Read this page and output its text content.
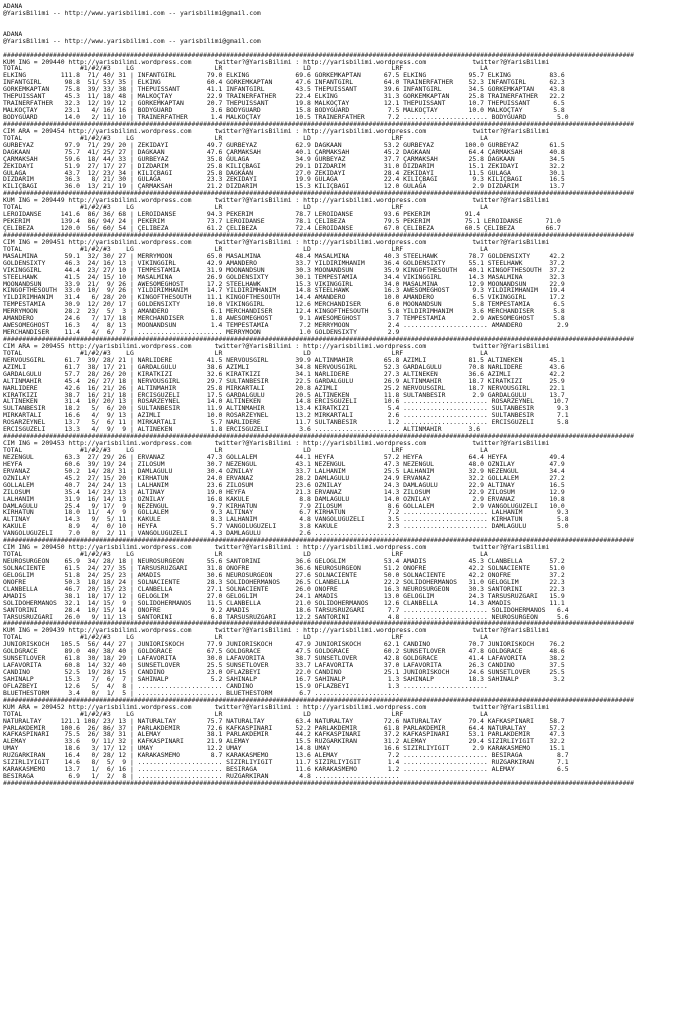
ADANA
@YarisBilimi -- http://www.yarisbilimi.com -- yarisbilimi@gmail.com
ADANA
@YarisBilimi -- http://www.yarisbilimi.com -- yarisbilimi@gmail.com
####################################################################################################################################################################
KUM ING = 209440 http://yarisbilimi.wordpress.com      twitter?@YarisBilimi : http://yarisbilimi.wordpress.com            twitter?@YarisBilimi
TOTAL               #1/#2/#3    LG                     LR                     LD                     LRF                    LA
ELKING         111.8  71/ 40/ 31 | INFANTGIRL        79.0 ELKING            69.6 GÖRKEMKAPTAN      67.5 ELKING           95.7 ELKING          83.6
INFANTGIRL      98.8  51/ 53/ 35 | ELKING            60.4 GÖRKEMKAPTAN      47.6 INFANTGIRL        64.0 TRAINERFATHER    52.3 INFANTGIRL      62.3
GÖRKEMKAPTAN    75.8  39/ 33/ 38 | THEPUISSANT       41.1 INFANTGIRL        43.5 THEPUISSANT       39.6 INFANTGIRL       34.5 GÖRKEMKAPTAN    43.8
THEPUISSANT     45.3  11/ 18/ 48 | MALKOÇTAY         22.9 TRAINERFATHER     22.4 ELKING            31.3 GÖRKEMKAPTAN     25.8 TRAINERFATHER   22.2
TRAINERFATHER   32.3  12/ 19/ 12 | GÖRKEMKAPTAN      20.7 THEPUISSANT       19.8 MALKOÇTAY         12.1 THEPUISSANT      10.7 THEPUISSANT      6.5
MALKOÇTAY       23.1   4/ 16/ 16 | BODYGUARD          3.6 BODYGUARD         15.8 BODYGUARD          7.5 MALKOÇTAY        10.0 MALKOÇTAY        5.8
BODYGUARD       14.0   2/ 11/ 10 | TRAINERFATHER      1.4 MALKOÇTAY         10.5 TRAINERFATHER      7.2 ...................... BODYGUARD        5.0
####################################################################################################################################################################
CIM ARA = 209454 http://yarisbilimi.wordpress.com      twitter?@YarisBilimi : http://yarisbilimi.wordpress.com            twitter?@YarisBilimi
TOTAL               #1/#2/#3    LG                     LR                     LD                     LRF                    LA
GÜRBEYAZ        97.9  71/ 29/ 20 | ZEKIDAYI          49.7 GÜRBEYAZ          62.9 DAGKAAN           53.2 GÜRBEYAZ        100.0 GÜRBEYAZ        61.5
DAGKAAN         75.7  41/ 25/ 27 | DAGKAAN           47.6 ÇARMAKSAH         40.1 ÇARMAKSAH         45.2 DAGKAAN          64.4 ÇARMAKSAH       40.8
ÇARMAKSAH       59.6  18/ 44/ 33 | GÜRBEYAZ          35.8 GÜLAGA            34.9 GÜRBEYAZ          37.7 ÇARMAKSAH        25.8 DAGKAAN         34.5
ZEKIDAYI        51.9  27/ 17/ 27 | DIZDARIM          25.8 KILIÇBAGI         29.1 DIZDARIM          31.0 DIZDARIM         15.1 ZEKIDAYI        32.2
GÜLAGA          43.7  12/ 23/ 34 | KILIÇBAGI         25.8 DAGKAAN           27.0 ZEKIDAYI          28.4 ZEKIDAYI         11.5 GÜLAGA          30.1
DIZDARIM        36.3   8/ 21/ 30 | GÜLAGA            23.3 ZEKIDAYI          19.9 GÜLAGA            22.4 KILIÇBAGI         9.3 KILIÇBAGI       16.5
KILIÇBAGI       36.0  13/ 21/ 19 | ÇARMAKSAH         21.2 DIZDARIM          15.3 KILIÇBAGI         12.0 GÜLAGA            2.9 DIZDARIM        13.7
####################################################################################################################################################################
KUM ING = 209449 http://yarisbilimi.wordpress.com      twitter?@YarisBilimi : http://yarisbilimi.wordpress.com            twitter?@YarisBilimi
TOTAL               #1/#2/#3    LG                     LR                     LD                     LRF                    LA
LEROIDANSE     141.6  86/ 36/ 68 | LEROIDANSE        94.3 PEKERIM           78.7 LEROIDANSE        93.6 PEKERIM         91.4
PEKERIM        139.4  86/ 94/ 24 | PEKERIM           73.7 LEROIDANSE        78.1 ÇELIBEZA          79.5 PEKERIM         75.1 LEROIDANSE      71.0
ÇELIBEZA       120.0  56/ 60/ 54 | ÇELIBEZA          61.2 ÇELIBEZA          72.4 LEROIDANSE        67.0 ÇELIBEZA        60.5 ÇELIBEZA        66.7
####################################################################################################################################################################
CIM ING = 209451 http://yarisbilimi.wordpress.com      twitter?@YarisBilimi : http://yarisbilimi.wordpress.com            twitter?@YarisBilimi
TOTAL               #1/#2/#3    LG                     LR                     LD                     LRF                    LA
MASALMINA       59.1  32/ 30/ 27 | MERRYMOON         65.0 MASALMINA         48.4 MASALMINA         40.3 STEELHAWK        78.7 GOLDENSIXTY     42.2
GOLDENSIXTY     46.3  24/ 16/ 13 | VIKINGGIRL        42.9 AMANDERO          33.7 YILDIRIMHANIM     36.4 GOLDENSIXTY      55.1 STEELHAWK       37.2
VIKINGGIRL      44.4  23/ 27/ 10 | TEMPESTAMIA       31.9 MOONANDSUN        30.3 MOONANDSUN        35.9 KINGOFTHESOUTH   40.1 KINGOFTHESOUTH  37.2
STEELHAWK       41.5  24/ 15/ 10 | MASALMINA         26.9 GOLDENSIXTY       30.1 TEMPESTAMIA       34.4 VIKINGGIRL       14.3 MASALMINA       32.3
MOONANDSUN      33.9  21/  9/ 26 | AWESOMEGHOST      17.2 STEELHAWK         15.3 VIKINGGIRL        34.0 MASALMINA        12.9 MOONANDSUN      22.9
KINGOFTHESOUTH  33.0  10/  9/ 26 | YILDIRIMHANIM     14.7 YILDIRIMHANIM     14.8 STEELHAWK         16.3 AWESOMEGHOST      9.3 YILDIRIMHANIM   19.4
YILDIRIMHANIM   31.4   6/ 28/ 20 | KINGOFTHESOUTH    11.1 KINGOFTHESOUTH    14.4 AMANDERO          10.0 AMANDERO          6.5 VIKINGGIRL      17.2
TEMPESTAMIA     30.9  12/ 20/ 17 | GOLDENSIXTY       10.0 VIKINGGIRL        12.6 MERCHANDISER       6.0 MOONANDSUN        5.8 TEMPESTAMIA      6.5
MERRYMOON       28.2  23/  5/  3 | AMANDERO           6.1 MERCHANDISER      12.4 KINGOFTHESOUTH     5.8 YILDIRIMHANIM     3.6 MERCHANDISER     5.8
AMANDERO        24.6   7/ 17/ 18 | MERCHANDISER       1.8 AWESOMEGHOST       9.1 AWESOMEGHOST       3.7 TEMPESTAMIA       2.9 AWESOMEGHOST     5.8
AWESOMEGHOST    16.3   4/  8/ 13 | MOONANDSUN         1.4 TEMPESTAMIA        7.2 MERRYMOON          2.4 ...................... AMANDERO         2.9
MERCHANDISER    11.4   4/  6/  7 | ...................... MERRYMOON          1.0 GOLDENSIXTY        2.9
####################################################################################################################################################################
CIM ARA = 209455 http://yarisbilimi.wordpress.com      twitter?@YarisBilimi : http://yarisbilimi.wordpress.com            twitter?@YarisBilimi
TOTAL               #1/#2/#3    LG                     LR                     LD                     LRF                    LA
NERVOUSGIRL     61.7  39/ 28/ 21 | NARLIDERE         41.5 NERVOUSGIRL       39.9 ALTINMAHIR        65.8 AZIMLI           81.5 ALTINEKEN       45.1
AZIMLI          61.7  38/ 17/ 21 | GARDALGÜLÜ        38.6 AZIMLI            34.8 NERVOUSGIRL       52.3 GARDALGÜLÜ       70.8 NARLIDERE       43.6
GARDALGÜLÜ      57.7  28/ 26/ 20 | KIRATKIZI         32.6 KIRATKIZI         34.1 NARLIDERE         27.3 ALTINEKEN        36.6 AZIMLI          42.2
ALTINMAHIR      45.4  26/ 27/ 18 | NERVOUSGIRL       29.7 SULTANBESIR       22.5 GARDALGÜLÜ        26.9 ALTINMAHIR       18.7 KIRATKIZI       25.9
NARLIDERE       42.6  16/ 21/ 26 | ALTINMAHIR        25.8 MIRKARTALI        20.8 AZIMLI            25.2 NERVOUSGIRL      18.7 NERVOUSGIRL     22.1
KIRATKIZI       38.7  16/ 21/ 18 | ERCISGÜZELI       17.5 GARDALGÜLÜ        20.5 ALTINEKEN         11.8 SULTANBESIR       2.9 GARDALGÜLÜ      13.7
ALTINEKEN       31.4  10/ 20/ 13 | ROSARZEYNEL       14.0 ALTINEKEN         14.8 ERCISGÜZELI       10.6 ...................... ROSARZEYNEL     10.7
SULTANBESIR     18.2   5/  6/ 20 | SULTANBESIR       11.9 ALTINMAHIR        13.4 KIRATKIZI          5.4 ...................... SULTANBESIR      9.3
MIRKARTALI      16.6   4/  9/ 13 | AZIMLI            10.0 ROSARZEYNEL       13.2 MIRKARTALI         2.6 ...................... SULTANBESIR      7.1
ROSARZEYNEL     13.7   5/  6/ 11 | MIRKARTALI         5.7 NARLIDERE         11.7 SULTANBESIR        1.2 ...................... ERCISGÜZELI      5.8
ERCISGÜZELI     13.3   4/  9/  9 | ALTINEKEN          1.8 ERCISGÜZELI        3.6 ...................... ALTINMAHIR       3.6
####################################################################################################################################################################
CIM ING = 209453 http://yarisbilimi.wordpress.com      twitter?@YarisBilimi : http://yarisbilimi.wordpress.com            twitter?@YarisBilimi
TOTAL               #1/#2/#3    LG                     LR                     LD                     LRF                    LA
NEZENGÜL        63.3  27/ 29/ 26 | ERVANAZ           47.3 GÖLLALEM          44.1 HEYFA             57.2 HEYFA            64.4 HEYFA           49.4
HEYFA           60.6  39/ 19/ 24 | ZILOSUM           30.7 NEZENGÜL          43.1 NEZENGÜL          47.3 NEZENGÜL         48.0 ÖZNILAY         47.9
ERVANAZ         50.2  14/ 28/ 31 | DAMLAGÜLÜ         30.4 ÖZNILAY           33.7 LALHANIM          25.5 LALHANIM         32.9 NEZENGÜL        34.4
ÖZNILAY         45.2  27/ 15/ 20 | KIRHATUN          24.0 ERVANAZ           28.2 DAMLAGÜLÜ         24.9 ERVANAZ          32.2 GÖLLALEM        27.2
GÖLLALEM        40.7  24/ 24/ 13 | LALHANIM          23.6 ZILOSUM           23.6 ÖZNILAY           24.3 DAMLAGÜLÜ        22.9 ALTINAY         16.5
ZILOSUM         35.4  14/ 23/ 13 | ALTINAY           19.0 HEYFA             21.3 ERVANAZ           14.3 ZILOSUM          22.9 ZILOSUM         12.9
LALHANIM        31.9  16/ 14/ 13 | ÖZNILAY           16.8 KAKULE             8.8 DAMLAGÜLÜ         14.0 ÖZNILAY           2.9 ERVANAZ         10.8
DAMLAGÜLÜ       25.4   9/ 17/  9 | NEZENGÜL           9.7 KIRHATUN           7.9 ZILOSUM            8.6 GÖLLALEM          2.9 VANGÖLÜGÜZELI   10.0
KIRHATUN        18.0  11/  4/  9 | GÖLLALEM           9.3 ALTINAY            6.7 KIRHATUN           7.2 ...................... LALHANIM         9.3
ALTINAY         14.3   9/  5/ 11 | KAKULE             8.3 LALHANIM           4.8 VANGÖLÜGÜZELI      3.5 ...................... KIRHATUN         5.8
KAKULE           8.9   4/  0/ 10 | HEYFA              5.7 VANGÖLÜGÜZELI      3.8 KAKULE             2.3 ...................... DAMLAGÜLÜ        5.0
VANGÖLÜGÜZELI    7.0   0/  2/ 11 | VANGÖLÜGÜZELI      4.3 DAMLAGÜLÜ          2.6 ......................
####################################################################################################################################################################
CIM ING = 209450 http://yarisbilimi.wordpress.com      twitter?@YarisBilimi : http://yarisbilimi.wordpress.com            twitter?@YarisBilimi
TOTAL               #1/#2/#3    LG                     LR                     LD                     LRF                    LA
NEUROSURGEON    65.9  34/ 28/ 18 | NEUROSURGEON      55.6 SANTORINI         36.6 GELOGLIM          53.4 AMADIS           45.3 CLANBELLA       57.2
SOLNACIENTE     61.5  24/ 27/ 35 | TARSUSRÜZGARI     31.8 ONOFRE            36.6 NEUROSURGEON      51.2 ONOFRE           42.2 SOLNACIENTE     51.0
GELOGLIM        51.8  24/ 25/ 23 | AMADIS            30.6 NEUROSURGEON      27.6 SOLNACIENTE       50.0 SOLNACIENTE      42.2 ONOFRE          37.2
ONOFRE          50.3  18/ 18/ 24 | SOLNACIENTE       28.3 SOLIDOHERMANOS    26.5 CLANBELLA         22.2 SOLIDOHERMANOS   31.0 GELOGLIM        22.3
CLANBELLA       46.7  20/ 15/ 23 | CLANBELLA         27.1 SOLNACIENTE       26.0 ONOFRE            16.3 NEUROSURGEON     30.3 SANTORINI       22.3
AMADIS          38.1  18/ 17/ 12 | GELOGLIM          27.0 GELOGLIM          24.1 AMADIS            13.0 GELOGLIM         24.3 TARSUSRÜZGARI   15.9
SOLIDOHERMANOS  32.1  14/ 15/  9 | SOLIDOHERMANOS    11.5 CLANBELLA         21.0 SOLIDOHERMANOS    12.6 CLANBELLA        14.3 AMADIS          11.1
SANTORINI       28.4  10/ 15/ 14 | ONOFRE             9.2 AMADIS            18.6 TARSUSRÜZGARI      7.7 ...................... SOLIDOHERMANOS   6.4
TARSUSRÜZGARI   26.0   9/ 11/ 13 | SANTORINI          6.8 TARSUSRÜZGARI     12.2 SANTORINI          4.8 ...................... NEUROSURGEON     5.6
####################################################################################################################################################################
KUM ING = 209439 http://yarisbilimi.wordpress.com      twitter?@YarisBilimi : http://yarisbilimi.wordpress.com            twitter?@YarisBilimi
TOTAL               #1/#2/#3    LG                     LR                     LD                     LRF                    LA
JUNIORISKOCH   105.5  56/ 44/ 27 | JUNIORISKOCH      77.9 JUNIORISKOCH      47.9 JUNIORISKOCH      62.1 CANDINO          70.7 JUNIORISKOCH    76.2
GOLDGRACE       89.0  40/ 38/ 40 | GOLDGRACE         67.5 GOLDGRACE         47.5 GOLDGRACE         60.2 SUNSETLOVER      47.8 GOLDGRACE       48.6
SUNSETLOVER     61.8  30/ 18/ 29 | LAFAVORITA        30.0 LAFAVORITA        38.7 SUNSETLOVER       42.8 GOLDGRACE        41.4 LAFAVORITA      38.2
LAFAVORITA      60.8  14/ 32/ 40 | SUNSETLOVER       25.5 SUNSETLOVER       33.7 LAFAVORITA        37.0 LAFAVORITA       26.3 CANDINO         37.5
CANDINO         52.5  19/ 28/ 15 | CANDINO           23.0 OFLAZBEYI         22.0 CANDINO           25.1 JUNIORISKOCH     24.6 SUNSETLOVER     25.5
SAHINALP        15.3   7/  6/  7 | SAHINALP           5.2 SAHINALP          16.7 SAHINALP           1.3 SAHINALP         18.3 SAHINALP         3.2
OFLAZBEYI       12.6   5/  4/  8 | ...................... CANDINO           15.9 OFLAZBEYI          1.3 ......................
BLUETHESTORM     3.4   0/  1/  5 | ...................... BLUETHESTORM       6.7 ......................
####################################################################################################################################################################
KUM ARA = 209452 http://yarisbilimi.wordpress.com      twitter?@YarisBilimi : http://yarisbilimi.wordpress.com            twitter?@YarisBilimi
TOTAL               #1/#2/#3    LG                     LR                     LD                     LRF                    LA
NATURALTAY     121.1 108/ 23/ 13 | NATURALTAY        75.7 NATURALTAY        63.4 NATURALTAY        72.6 NATURALTAY       79.4 KAFKASPINARI    58.7
PARLAKDEMIR    100.6  26/ 86/ 37 | PARLAKDEMIR       72.6 KAFKASPINARI      52.2 PARLAKDEMIR       61.8 PARLAKDEMIR      64.4 NATURALTAY      57.2
KAFKASPINARI    75.5  26/ 38/ 31 | ALEMAY            38.1 PARLAKDEMIR       44.2 KAFKASPINARI      37.2 KAFKASPINARI     53.1 PARLAKDEMIR     47.3
ALEMAY          33.6   9/ 11/ 32 | KAFKASPINARI      21.9 ALEMAY            15.5 RÜZGARKIRAN       31.2 ALEMAY           29.4 SIZIRLIYIGIT    32.2
UMAY            18.6   3/ 17/ 12 | UMAY              12.2 UMAY              14.8 UMAY              16.6 SIZIRLIYIGIT      2.9 KARAKASMEMO     15.1
RÜZGARKIRAN     16.4   0/ 28/ 12 | KARAKASMEMO        8.7 KARAKASMEMO       13.6 ALEMAY             7.2 ...................... BESIRAGA         8.7
SIZIRLIYIGIT    14.6   8/  5/  9 | ...................... SIZIRLIYIGIT      11.7 SIZIRLIYIGIT       1.4 ...................... RÜZGARKIRAN      7.1
KARAKASMEMO     13.7   1/  6/ 16 | ...................... BESIRAGA          11.6 KARAKASMEMO        1.2 ...................... ALEMAY           6.5
BESIRAGA         6.9   1/  2/  8 | ...................... RÜZGARKIRAN        4.8 ......................
####################################################################################################################################################################
